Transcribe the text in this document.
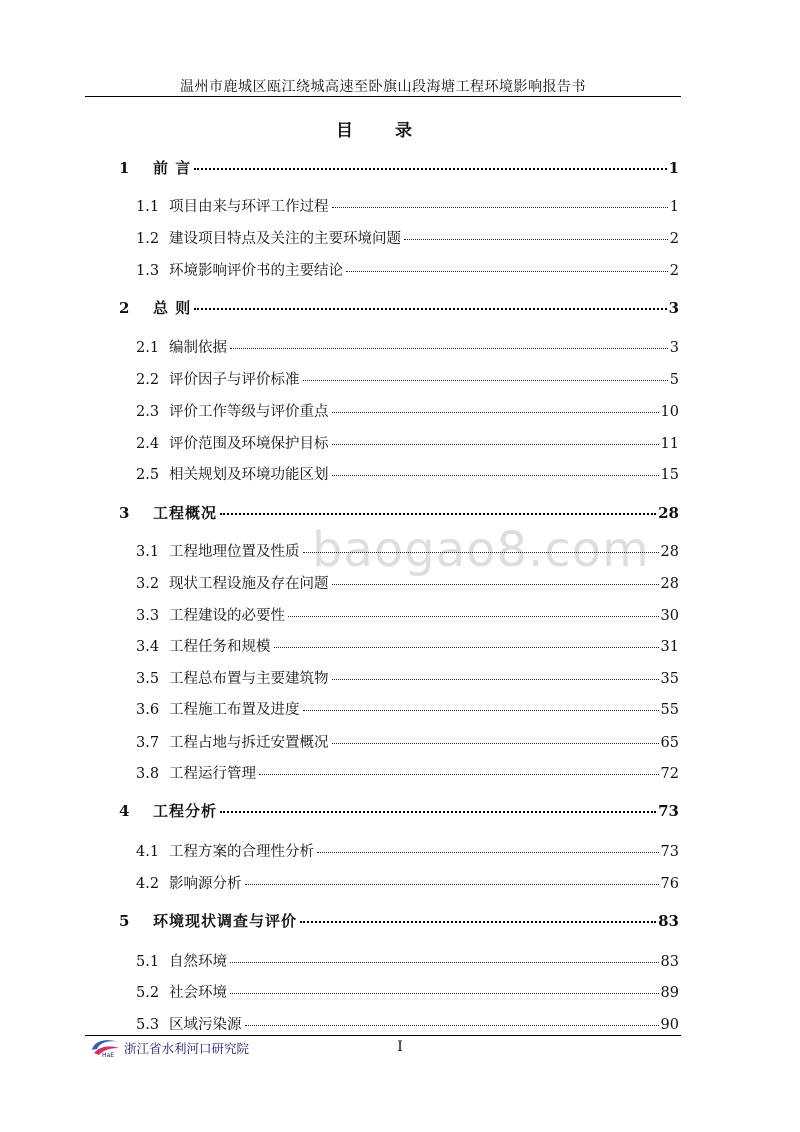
温州市鹿城区瓯江绕城高速至卧旗山段海塘工程环境影响报告书
目 录
baogao8.com
1	前 言	1
1.1 项目由来与环评工作过程	1
1.2 建设项目特点及关注的主要环境问题	2
1.3 环境影响评价书的主要结论	2
2	总 则	3
2.1 编制依据	3
2.2 评价因子与评价标准	5
2.3 评价工作等级与评价重点	10
2.4 评价范围及环境保护目标	11
2.5 相关规划及环境功能区划	15
3	工程概况	28
3.1 工程地理位置及性质	28
3.2 现状工程设施及存在问题	28
3.3 工程建设的必要性	30
3.4 工程任务和规模	31
3.5 工程总布置与主要建筑物	35
3.6 工程施工布置及进度	55
3.7 工程占地与拆迁安置概况	65
3.8 工程运行管理	72
4	工程分析	73
4.1 工程方案的合理性分析	73
4.2 影响源分析	76
5	环境现状调查与评价	83
5.1 自然环境	83
5.2 社会环境	89
5.3 区域污染源	90
HaE 浙江省水利河口研究院	I
